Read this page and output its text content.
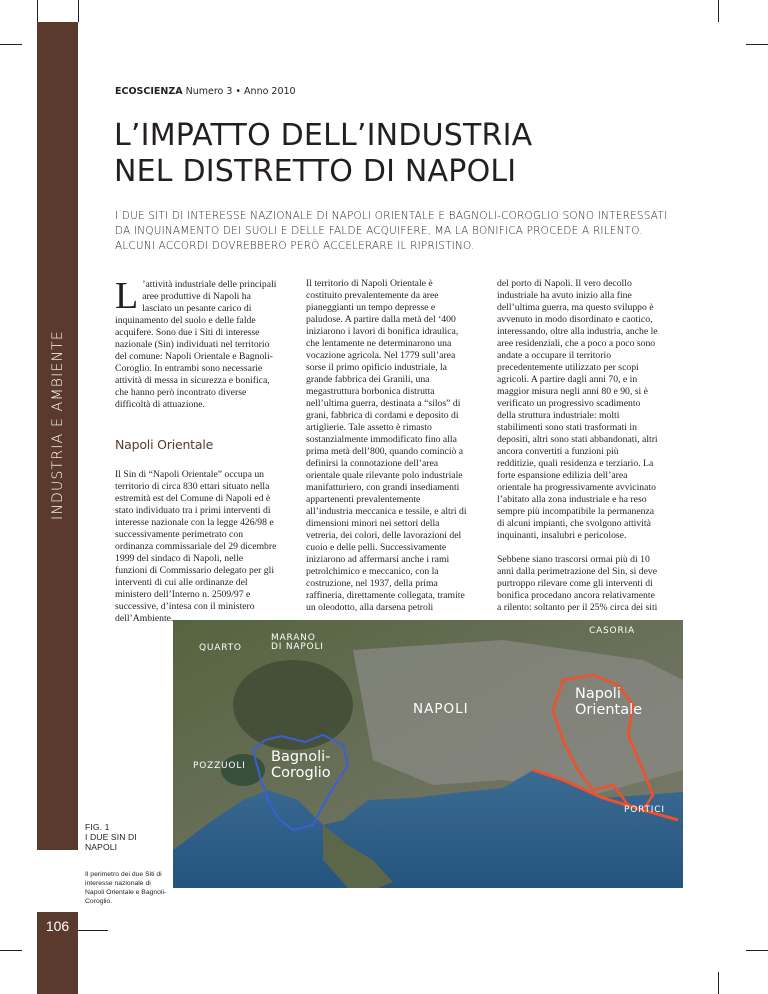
INDUSTRIA E AMBIENTE
ECOSCIENZA Numero 3 • Anno 2010
L’IMPATTO DELL’INDUSTRIA
NEL DISTRETTO DI NAPOLI

I DUE SITI DI INTERESSE NAZIONALE DI NAPOLI ORIENTALE E BAGNOLI-COROGLIO SONO INTERESSATI DA INQUINAMENTO DEI SUOLI E DELLE FALDE ACQUIFERE, MA LA BONIFICA PROCEDE A RILENTO. ALCUNI ACCORDI DOVREBBERO PERÒ ACCELERARE IL RIPRISTINO.

L ’attività industriale delle principali aree produttive di Napoli ha lasciato un pesante carico di inquinamento del suolo e delle falde acquifere. Sono due i Siti di interesse nazionale (Sin) individuati nel territorio del comune: Napoli Orientale e Bagnoli-Coroglio. In entrambi sono necessarie attività di messa in sicurezza e bonifica, che hanno però incontrato diverse difficoltà di attuazione.

Napoli Orientale

Il Sin di “Napoli Orientale” occupa un territorio di circa 830 ettari situato nella estremità est del Comune di Napoli ed è stato individuato tra i primi interventi di interesse nazionale con la legge 426/98 e successivamente perimetrato con ordinanza commissariale del 29 dicembre 1999 del sindaco di Napoli, nelle funzioni di Commissario delegato per gli interventi di cui alle ordinanze del ministero dell’Interno n. 2509/97 e successive, d’intesa con il ministero dell’Ambiente.

Il territorio di Napoli Orientale è costituito prevalentemente da aree pianeggianti un tempo depresse e paludose. A partire dalla metà del ‘400 iniziarono i lavori di bonifica idraulica, che lentamente ne determinarono una vocazione agricola. Nel 1779 sull’area sorse il primo opificio industriale, la grande fabbrica dei Granili, una megastruttura borbonica distrutta nell’ultima guerra, destinata a “silos” di grani, fabbrica di cordami e deposito di artiglierie. Tale assetto è rimasto sostanzialmente immodificato fino alla prima metà dell’800, quando cominciò a definirsi la connotazione dell’area orientale quale rilevante polo industriale manifatturiero, con grandi insediamenti appartenenti prevalentemente all’industria meccanica e tessile, e altri di dimensioni minori nei settori della vetreria, dei colori, delle lavorazioni del cuoio e delle pelli. Successivamente iniziarono ad affermarsi anche i rami petrolchimico e meccanico, con la costruzione, nel 1937, della prima raffineria, direttamente collegata, tramite un oleodotto, alla darsena petroli

del porto di Napoli. Il vero decollo industriale ha avuto inizio alla fine dell’ultima guerra, ma questo sviluppo è avvenuto in modo disordinato e caotico, interessando, oltre alla industria, anche le aree residenziali, che a poco a poco sono andate a occupare il territorio precedentemente utilizzato per scopi agricoli. A partire dagli anni 70, e in maggior misura negli anni 80 e 90, si è verificato un progressivo scadimento della struttura industriale: molti stabilimenti sono stati trasformati in depositi, altri sono stati abbandonati, altri ancora convertiti a funzioni più redditizie, quali residenza e terziario. La forte espansione edilizia dell’area orientale ha progressivamente avvicinato l’abitato alla zona industriale e ha reso sempre più incompatibile la permanenza di alcuni impianti, che svolgono attività inquinanti, insalubri e pericolose.

Sebbene siano trascorsi ormai più di 10 anni dalla perimetrazione del Sin, si deve purtroppo rilevare come gli interventi di bonifica procedano ancora relativamente a rilento: soltanto per il 25% circa dei siti

QUARTO
MARANO
DI NAPOLI
CASORIA
NAPOLI
Napoli
Orientale
POZZUOLI
Bagnoli-
Coroglio
PORTICI
FIG. 1
I DUE SIN DI NAPOLI
Il perimetro dei due Siti di interesse nazionale di Napoli Orientale e Bagnoli-Coroglio.
106
